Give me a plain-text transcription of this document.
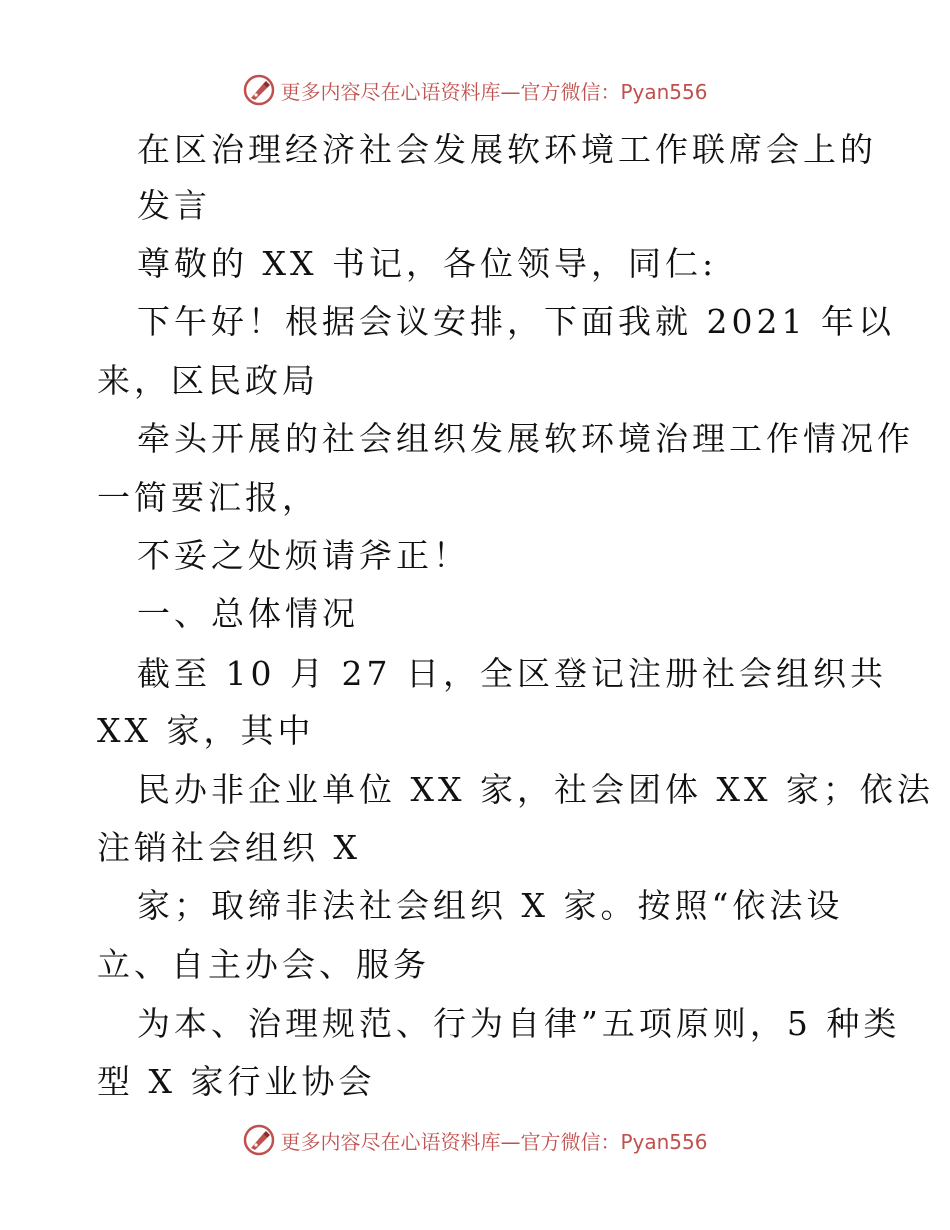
更多内容尽在心语资料库—官方微信：Pyan556
在区治理经济社会发展软环境工作联席会上的
发言
尊敬的 XX 书记，各位领导，同仁:
下午好！根据会议安排，下面我就 2021 年以
来，区民政局
牵头开展的社会组织发展软环境治理工作情况作
一简要汇报，
不妥之处烦请斧正！
一、总体情况
截至 10 月 27 日，全区登记注册社会组织共
XX 家，其中
民办非企业单位 XX 家，社会团体 XX 家；依法
注销社会组织 X
家；取缔非法社会组织 X 家。按照“依法设
立、自主办会、服务
为本、治理规范、行为自律”五项原则，5 种类
型 X 家行业协会
更多内容尽在心语资料库—官方微信：Pyan556
